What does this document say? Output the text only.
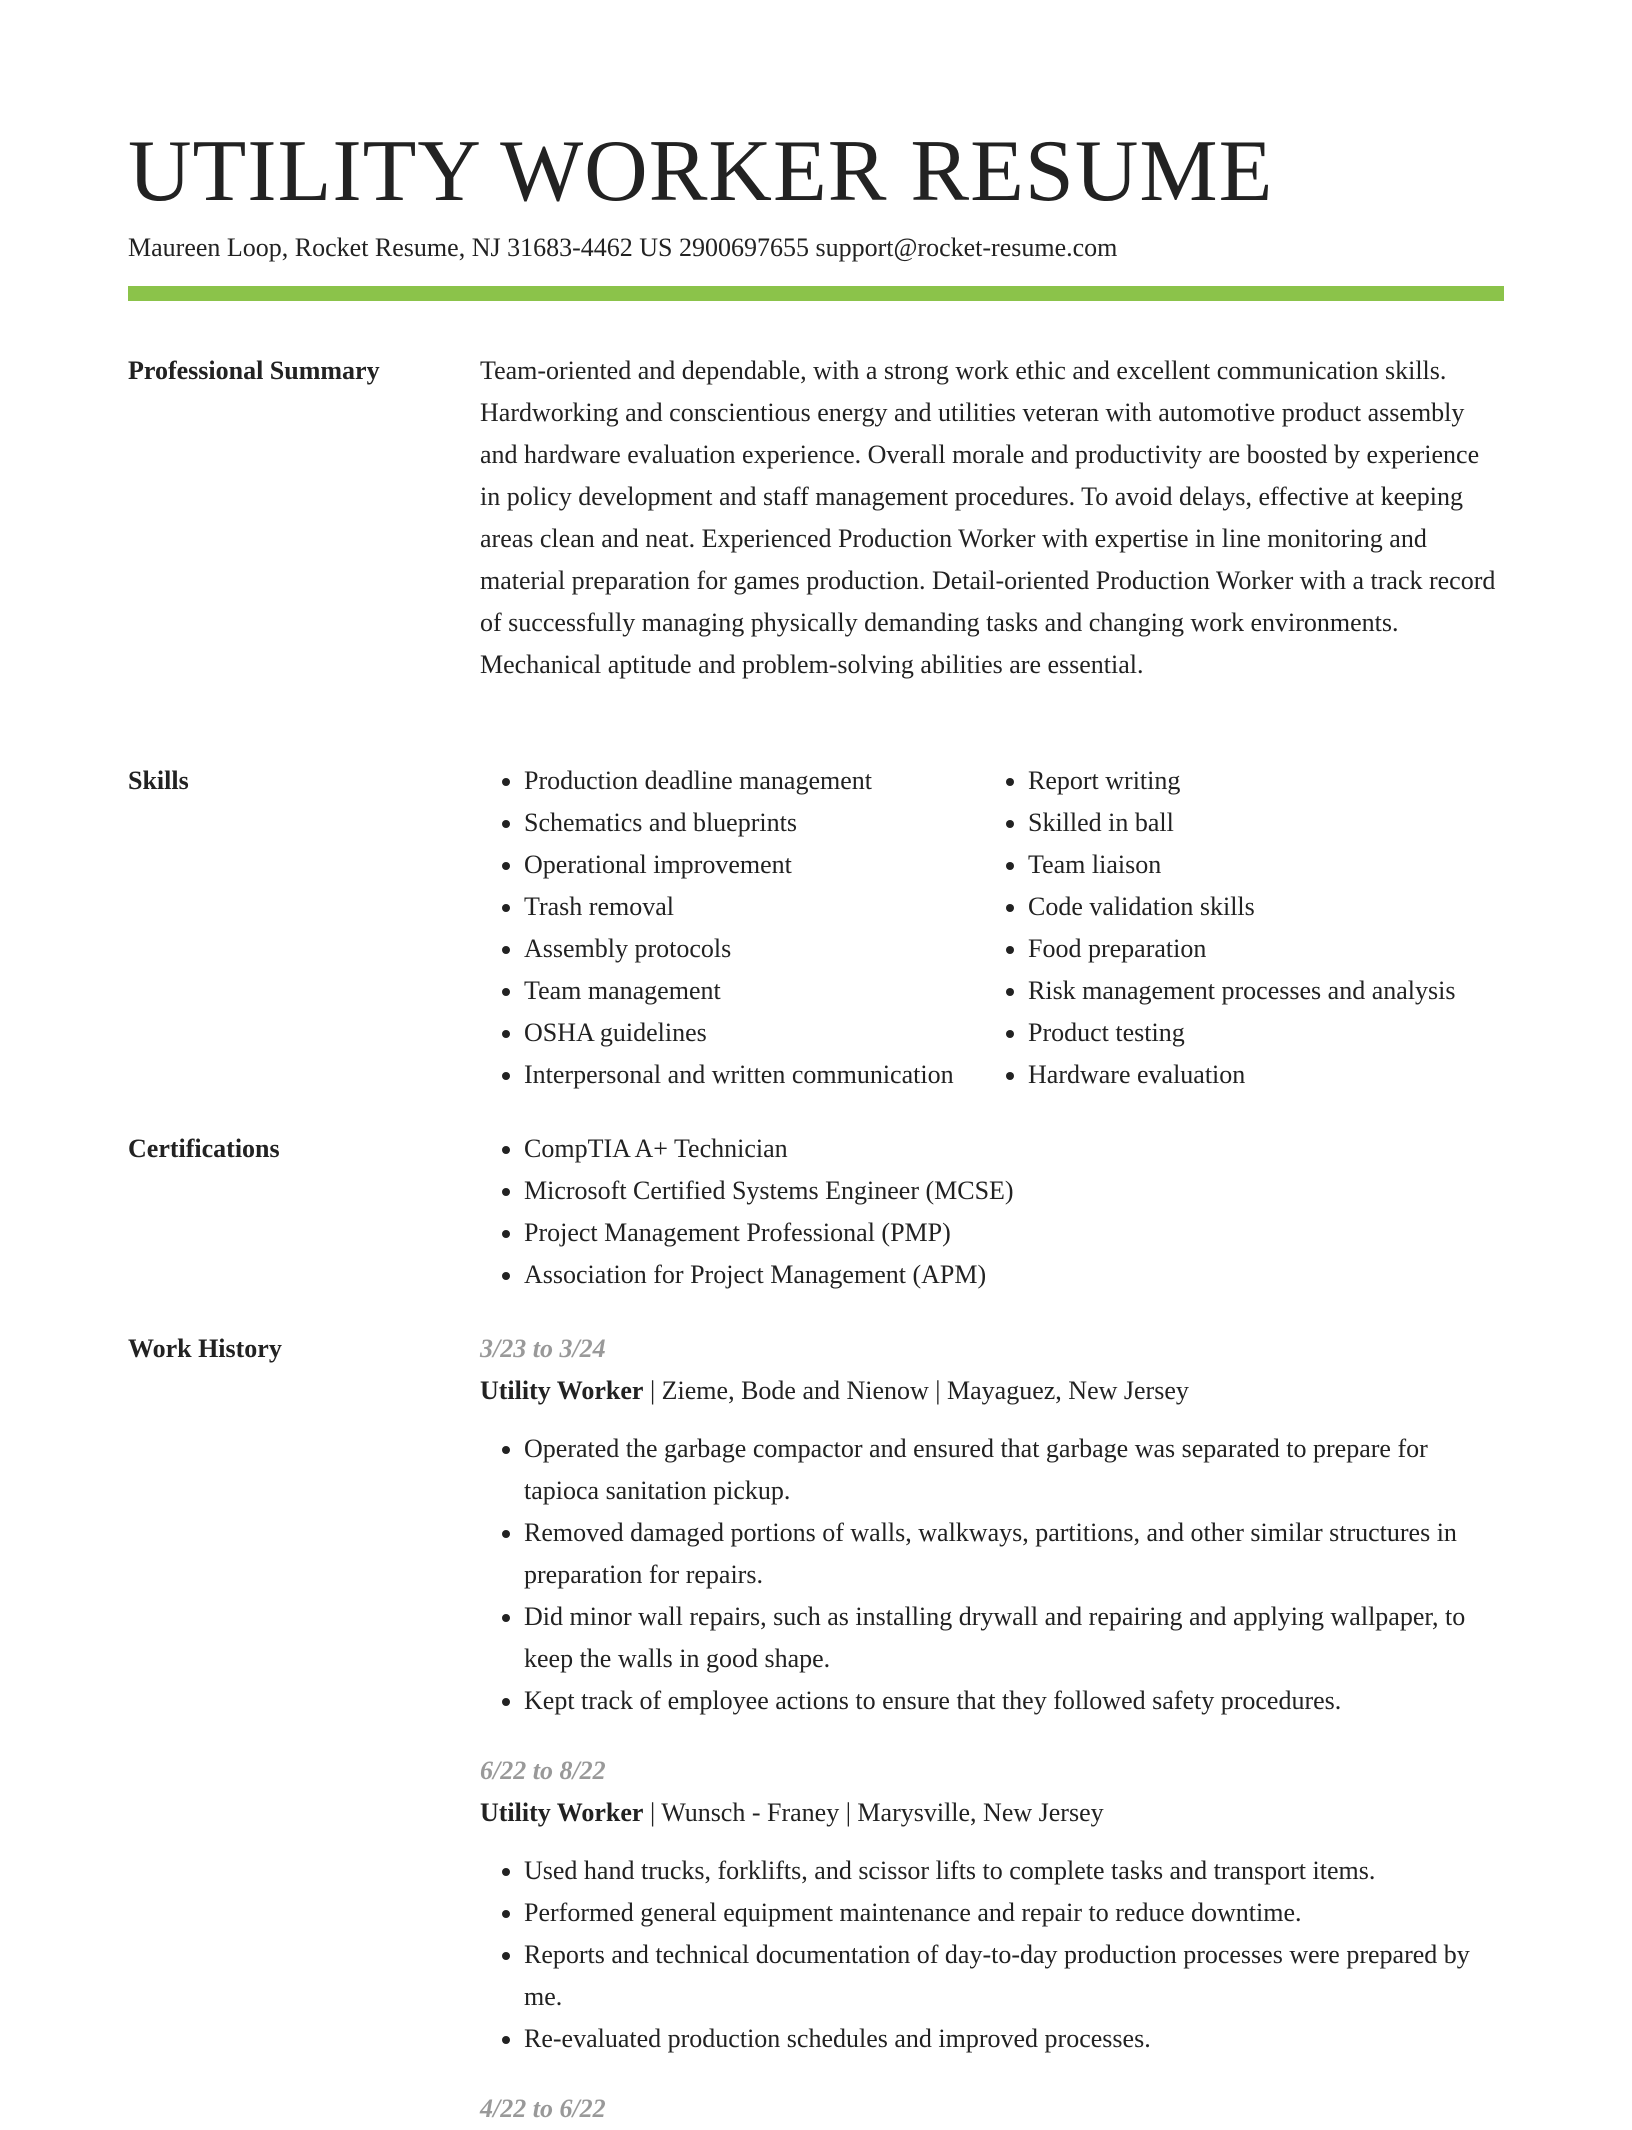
UTILITY WORKER RESUME
Maureen Loop, Rocket Resume, NJ 31683-4462 US 2900697655 support@rocket-resume.com
Professional Summary	Team-oriented and dependable, with a strong work ethic and excellent communication skills. Hardworking and conscientious energy and utilities veteran with automotive product assembly and hardware evaluation experience. Overall morale and productivity are boosted by experience in policy development and staff management procedures. To avoid delays, effective at keeping areas clean and neat. Experienced Production Worker with expertise in line monitoring and material preparation for games production. Detail-oriented Production Worker with a track record of successfully managing physically demanding tasks and changing work environments. Mechanical aptitude and problem-solving abilities are essential.

Skills	• Production deadline management
• Schematics and blueprints
• Operational improvement
• Trash removal
• Assembly protocols
• Team management
• OSHA guidelines
• Interpersonal and written communication
• Report writing
• Skilled in ball
• Team liaison
• Code validation skills
• Food preparation
• Risk management processes and analysis
• Product testing
• Hardware evaluation
Certifications	• CompTIA A+ Technician
• Microsoft Certified Systems Engineer (MCSE)
• Project Management Professional (PMP)
• Association for Project Management (APM)
Work History	3/23 to 3/24
Utility Worker | Zieme, Bode and Nienow | Mayaguez, New Jersey
• Operated the garbage compactor and ensured that garbage was separated to prepare for tapioca sanitation pickup.
• Removed damaged portions of walls, walkways, partitions, and other similar structures in preparation for repairs.
• Did minor wall repairs, such as installing drywall and repairing and applying wallpaper, to keep the walls in good shape.
• Kept track of employee actions to ensure that they followed safety procedures.
6/22 to 8/22
Utility Worker | Wunsch - Franey | Marysville, New Jersey
• Used hand trucks, forklifts, and scissor lifts to complete tasks and transport items.
• Performed general equipment maintenance and repair to reduce downtime.
• Reports and technical documentation of day-to-day production processes were prepared by me.
• Re-evaluated production schedules and improved processes.
4/22 to 6/22
